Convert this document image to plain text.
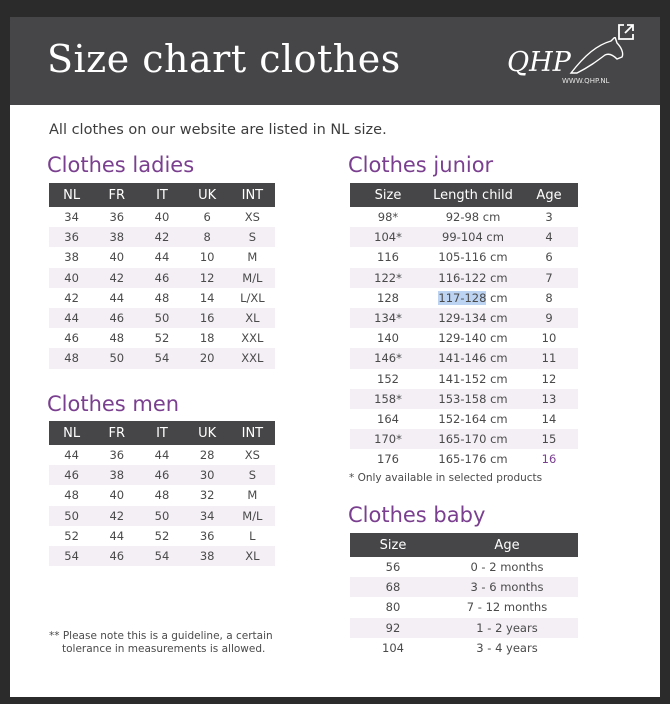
Size chart clothes	QHP
WWW.QHP.NL
All clothes on our website are listed in NL size.
Clothes ladies
NL	FR	IT	UK	INT
34	36	40	6	XS
36	38	42	8	S
38	40	44	10	M
40	42	46	12	M/L
42	44	48	14	L/XL
44	46	50	16	XL
46	48	52	18	XXL
48	50	54	20	XXL
Clothes men
NL	FR	IT	UK	INT
44	36	44	28	XS
46	38	46	30	S
48	40	48	32	M
50	42	50	34	M/L
52	44	52	36	L
54	46	54	38	XL
Clothes junior
Size	Length child	Age
98*	92-98 cm	3
104*	99-104 cm	4
116	105-116 cm	6
122*	116-122 cm	7
128	117-128 cm	8
134*	129-134 cm	9
140	129-140 cm	10
146*	141-146 cm	11
152	141-152 cm	12
158*	153-158 cm	13
164	152-164 cm	14
170*	165-170 cm	15
176	165-176 cm	16
* Only available in selected products
Clothes baby
Size	Age
56	0 - 2 months
68	3 - 6 months
80	7 - 12 months
92	1 - 2 years
104	3 - 4 years
** Please note this is a guideline, a certain
tolerance in measurements is allowed.
